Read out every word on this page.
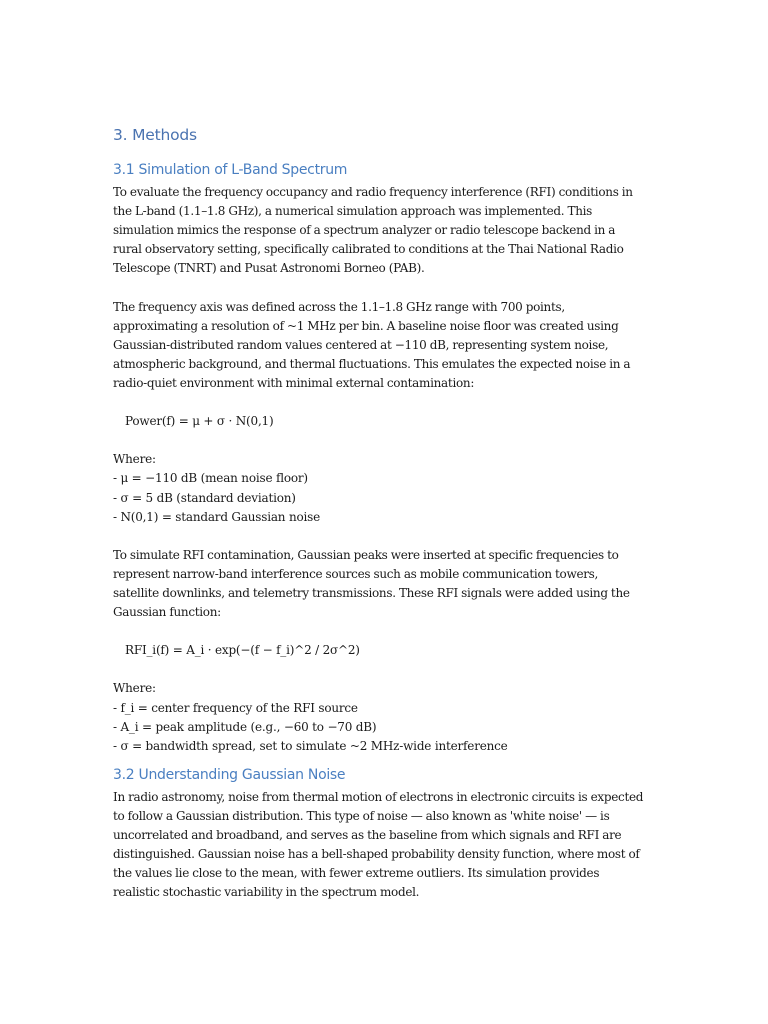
3. Methods
3.1 Simulation of L-Band Spectrum

To evaluate the frequency occupancy and radio frequency interference (RFI) conditions in

the L-band (1.1–1.8 GHz), a numerical simulation approach was implemented. This

simulation mimics the response of a spectrum analyzer or radio telescope backend in a

rural observatory setting, specifically calibrated to conditions at the Thai National Radio

Telescope (TNRT) and Pusat Astronomi Borneo (PAB).

The frequency axis was defined across the 1.1–1.8 GHz range with 700 points,

approximating a resolution of ~1 MHz per bin. A baseline noise floor was created using

Gaussian-distributed random values centered at −110 dB, representing system noise,

atmospheric background, and thermal fluctuations. This emulates the expected noise in a

radio-quiet environment with minimal external contamination:

Power(f) = μ + σ · N(0,1)

Where:

- μ = −110 dB (mean noise floor)

- σ = 5 dB (standard deviation)

- N(0,1) = standard Gaussian noise

To simulate RFI contamination, Gaussian peaks were inserted at specific frequencies to

represent narrow-band interference sources such as mobile communication towers,

satellite downlinks, and telemetry transmissions. These RFI signals were added using the

Gaussian function:

RFI_i(f) = A_i · exp(−(f − f_i)^2 / 2σ^2)

Where:

- f_i = center frequency of the RFI source

- A_i = peak amplitude (e.g., −60 to −70 dB)

- σ = bandwidth spread, set to simulate ~2 MHz-wide interference

3.2 Understanding Gaussian Noise

In radio astronomy, noise from thermal motion of electrons in electronic circuits is expected

to follow a Gaussian distribution. This type of noise — also known as 'white noise' — is

uncorrelated and broadband, and serves as the baseline from which signals and RFI are

distinguished. Gaussian noise has a bell-shaped probability density function, where most of

the values lie close to the mean, with fewer extreme outliers. Its simulation provides

realistic stochastic variability in the spectrum model.
